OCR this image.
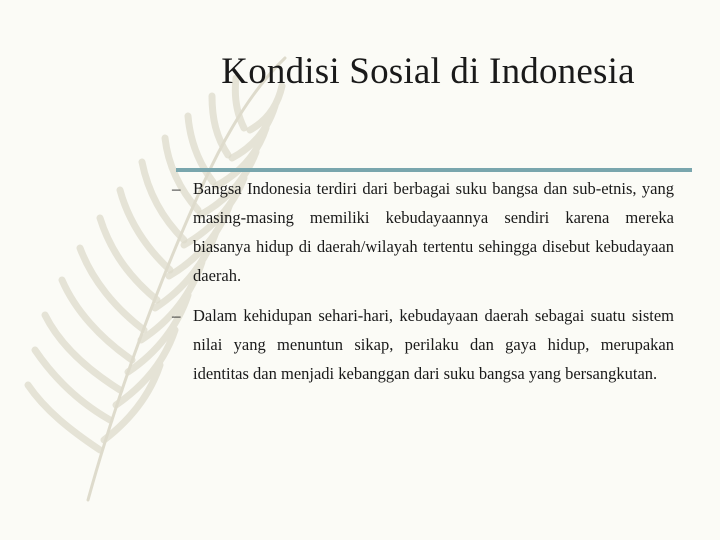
Kondisi Sosial di Indonesia
– Bangsa Indonesia terdiri dari berbagai suku bangsa dan sub-etnis, yang masing-masing memiliki kebudayaannya sendiri karena mereka biasanya hidup di daerah/wilayah tertentu sehingga disebut kebudayaan daerah.
– Dalam kehidupan sehari-hari, kebudayaan daerah sebagai suatu sistem nilai yang menuntun sikap, perilaku dan gaya hidup, merupakan identitas dan menjadi kebanggan dari suku bangsa yang bersangkutan.
